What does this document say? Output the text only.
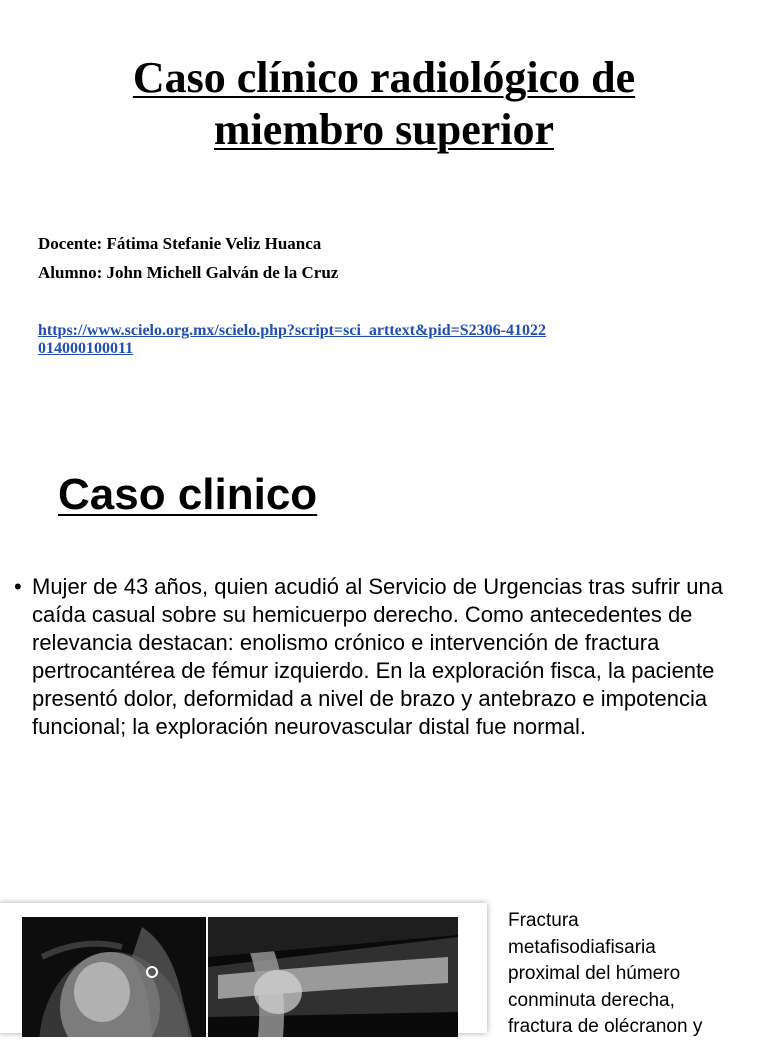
Caso clínico radiológico de
miembro superior
Docente: Fátima Stefanie Veliz Huanca
Alumno: John Michell Galván de la Cruz
https://www.scielo.org.mx/scielo.php?script=sci_arttext&pid=S2306-41022
014000100011
Caso clinico
• Mujer de 43 años, quien acudió al Servicio de Urgencias tras sufrir una caída casual sobre su hemicuerpo derecho. Como antecedentes de relevancia destacan: enolismo crónico e intervención de fractura pertrocantérea de fémur izquierdo. En la exploración fisca, la paciente presentó dolor, deformidad a nivel de brazo y antebrazo e impotencia funcional; la exploración neurovascular distal fue normal.
Fractura
metafisodiafisaria
proximal del húmero
conminuta derecha,
fractura de olécranon y
